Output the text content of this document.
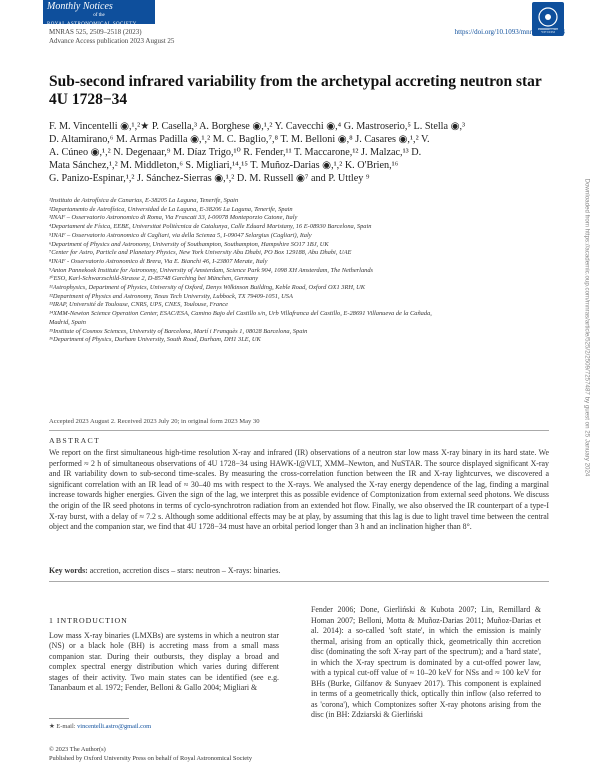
Monthly Notices
of the
ROYAL ASTRONOMICAL SOCIETY
MNRAS 525, 2509–2518 (2023)
Advance Access publication 2023 August 25
https://doi.org/10.1093/mnras/stad2414
Sub-second infrared variability from the archetypal accreting neutron star
4U 1728−34
F. M. Vincentelli ◉,¹,²★ P. Casella,³ A. Borghese ◉,¹,² Y. Cavecchi ◉,⁴ G. Mastroserio,⁵ L. Stella ◉,³
D. Altamirano,⁶ M. Armas Padilla ◉,¹,² M. C. Baglio,⁷,⁸ T. M. Belloni ◉,⁸ J. Casares ◉,¹,² V.
A. Cúneo ◉,¹,² N. Degenaar,⁹ M. Díaz Trigo,¹⁰ R. Fender,¹¹ T. Maccarone,¹² J. Malzac,¹³ D.
Mata Sánchez,¹,² M. Middleton,⁶ S. Migliari,¹⁴,¹⁵ T. Muñoz-Darias ◉,¹,² K. O'Brien,¹⁶
G. Panizo-Espinar,¹,² J. Sánchez-Sierras ◉,¹,² D. M. Russell ◉⁷ and P. Uttley ⁹
¹Instituto de Astrofísica de Canarias, E-38205 La Laguna, Tenerife, Spain
²Departamento de Astrofísica, Universidad de La Laguna, E-38206 La Laguna, Tenerife, Spain
³INAF – Osservatorio Astronomico di Roma, Via Frascati 33, I-00078 Monteporzio Catone, Italy
⁴Departament de Física, EEBE, Universitat Politècnica de Catalunya, Calle Eduard Maristany, 16 E-08930 Barcelona, Spain
⁵INAF – Osservatorio Astronomico di Cagliari, via della Scienza 5, I-09047 Selargius (Cagliari), Italy
⁶Department of Physics and Astronomy, University of Southampton, Southampton, Hampshire SO17 1BJ, UK
⁷Center for Astro, Particle and Planetary Physics, New York University Abu Dhabi, PO Box 129188, Abu Dhabi, UAE
⁸INAF - Osservatorio Astronomico di Brera, Via E. Bianchi 46, I-23807 Merate, Italy
⁹Anton Pannekoek Institute for Astronomy, University of Amsterdam, Science Park 904, 1098 XH Amsterdam, The Netherlands
¹⁰ESO, Karl-Schwarzschild-Strasse 2, D-85748 Garching bei München, Germany
¹¹Astrophysics, Department of Physics, University of Oxford, Denys Wilkinson Building, Keble Road, Oxford OX1 3RH, UK
¹²Department of Physics and Astronomy, Texas Tech University, Lubbock, TX 79409-1051, USA
¹³IRAP, Université de Toulouse, CNRS, UPS, CNES, Toulouse, France
¹⁴XMM-Newton Science Operation Center, ESAC/ESA, Camino Bajo del Castillo s/n, Urb Villafranca del Castillo, E-28691 Villanueva de la Cañada,
Madrid, Spain
¹⁵Institute of Cosmos Sciences, University of Barcelona, Martí i Franquès 1, 08028 Barcelona, Spain
¹⁶Department of Physics, Durham University, South Road, Durham, DH1 3LE, UK
Accepted 2023 August 2. Received 2023 July 20; in original form 2023 May 30
ABSTRACT
We report on the first simultaneous high-time resolution X-ray and infrared (IR) observations of a neutron star low mass X-ray binary in its hard state. We performed ≈ 2 h of simultaneous observations of 4U 1728−34 using HAWK-I@VLT, XMM–Newton, and NuSTAR. The source displayed significant X-ray and IR variability down to sub-second time-scales. By measuring the cross-correlation function between the IR and X-ray lightcurves, we discovered a significant correlation with an IR lead of ≈ 30–40 ms with respect to the X-rays. We analysed the X-ray energy dependence of the lag, finding a marginal increase towards higher energies. Given the sign of the lag, we interpret this as possible evidence of Comptonization from external seed photons. We discuss the origin of the IR seed photons in terms of cyclo-synchrotron radiation from an extended hot flow. Finally, we also observed the IR counterpart of a type-I X-ray burst, with a delay of ≈ 7.2 s. Although some additional effects may be at play, by assuming that this lag is due to light travel time between the central object and the companion star, we find that 4U 1728−34 must have an orbital period longer than 3 h and an inclination higher than 8°.
Key words: accretion, accretion discs – stars: neutron – X-rays: binaries.
1 INTRODUCTION
Low mass X-ray binaries (LMXBs) are systems in which a neutron star (NS) or a black hole (BH) is accreting mass from a small mass companion star. During their outbursts, they display a broad and complex spectral energy distribution which varies during different stages of their activity. Two main states can be identified (see e.g. Tananbaum et al. 1972; Fender, Belloni & Gallo 2004; Migliari &
Fender 2006; Done, Gierliński & Kubota 2007; Lin, Remillard & Homan 2007; Belloni, Motta & Muñoz-Darias 2011; Muñoz-Darias et al. 2014): a so-called 'soft state', in which the emission is mainly thermal, arising from an optically thick, geometrically thin accretion disc (dominating the soft X-ray part of the spectrum); and a 'hard state', in which the X-ray spectrum is dominated by a cut-offed power law, with a typical cut-off value of ≈ 10–20 keV for NSs and ≈ 100 keV for BHs (Burke, Gilfanov & Sunyaev 2017). This component is explained in terms of a geometrically thick, optically thin inflow (also referred to as 'corona'), which Comptonizes softer X-ray photons arising from the disc (in BH: Zdziarski & Gierliński
★ E-mail: vincentelli.astro@gmail.com
© 2023 The Author(s)
Published by Oxford University Press on behalf of Royal Astronomical Society
Downloaded from https://academic.oup.com/mnras/article/525/2/2509/7257487 by guest on 25 January 2024
